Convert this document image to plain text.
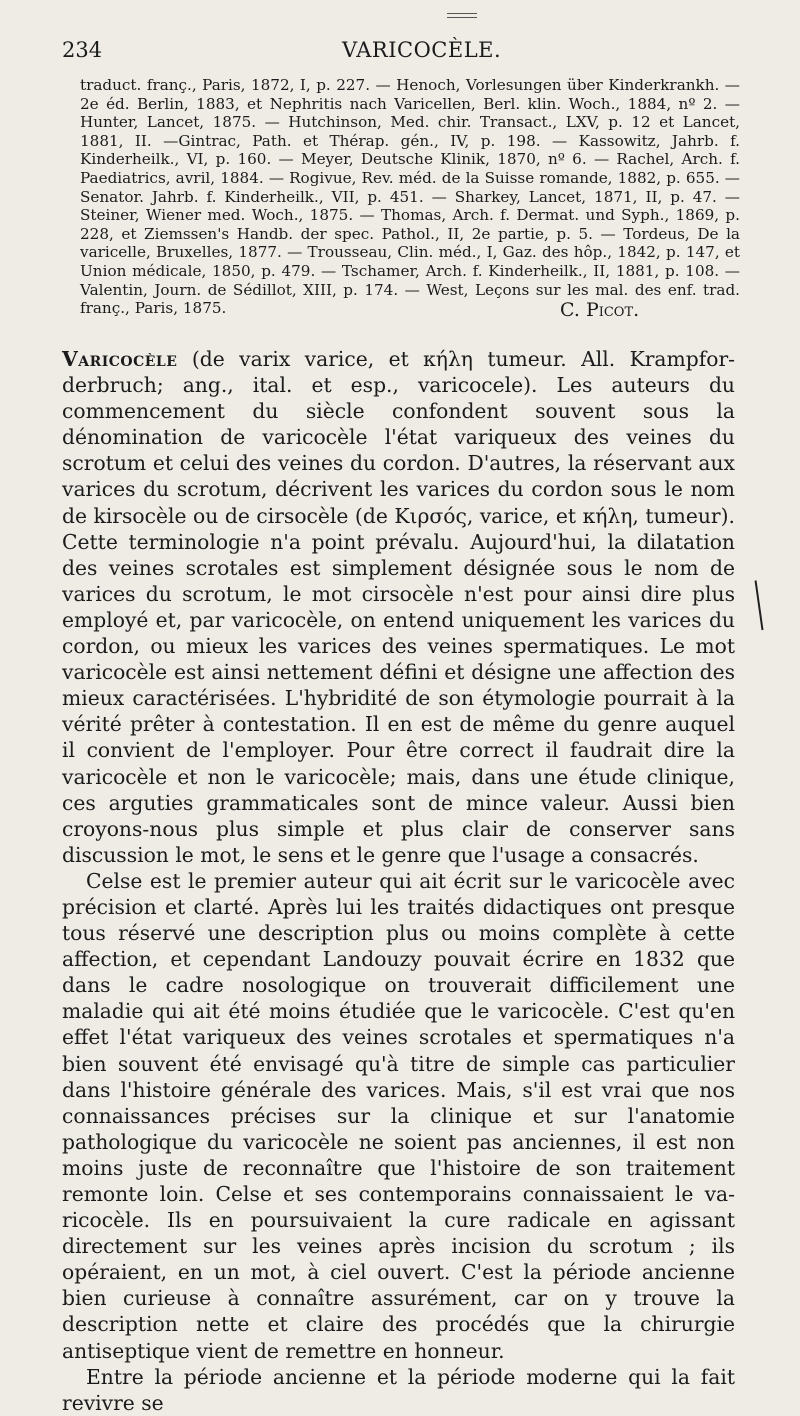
234	VARICOCÈLE.
traduct. franç., Paris, 1872, I, p. 227. — Henoch, Vorlesungen über Kinderkrankh. — 2e éd. Berlin, 1883, et Nephritis nach Varicellen, Berl. klin. Woch., 1884, nº 2. —Hunter, Lancet, 1875. — Hutchinson, Med. chir. Transact., LXV, p. 12 et Lancet, 1881, II. —Gintrac, Path. et Thérap. gén., IV, p. 198. — Kassowitz, Jahrb. f. Kinderheilk., VI, p. 160. — Meyer, Deutsche Klinik, 1870, nº 6. — Rachel, Arch. f. Paediatrics, avril, 1884. — Rogivue, Rev. méd. de la Suisse romande, 1882, p. 655. — Senator. Jahrb. f. Kinderheilk., VII, p. 451. — Sharkey, Lancet, 1871, II, p. 47. — Steiner, Wiener med. Woch., 1875. — Thomas, Arch. f. Dermat. und Syph., 1869, p. 228, et Ziemssen's Handb. der spec. Pathol., II, 2e partie, p. 5. — Tordeus, De la varicelle, Bruxelles, 1877. — Trousseau, Clin. méd., I, Gaz. des hôp., 1842, p. 147, et Union médicale, 1850, p. 479. — Tschamer, Arch. f. Kinderheilk., II, 1881, p. 108. — Valentin, Journ. de Sédillot, XIII, p. 174. — West, Leçons sur les mal. des enf. trad. franç., Paris, 1875.	C. Picot.

Varicocèle (de varix varice, et κήλη tumeur. All. Krampforderbruch; ang., ital. et esp., varicocele). Les auteurs du commencement du siècle confondent souvent sous la dénomination de varicocèle l'état variqueux des veines du scrotum et celui des veines du cordon. D'autres, la réservant aux varices du scrotum, décrivent les varices du cordon sous le nom de kirsocèle ou de cirsocèle (de Κιρσός, varice, et κήλη, tumeur). Cette terminologie n'a point prévalu. Aujourd'hui, la dilatation des veines scrotales est simplement désignée sous le nom de varices du scrotum, le mot cirsocèle n'est pour ainsi dire plus employé et, par varicocèle, on entend uniquement les varices du cordon, ou mieux les varices des veines spermatiques. Le mot varicocèle est ainsi nettement défini et désigne une affection des mieux caractérisées. L'hybridité de son étymologie pourrait à la vérité prêter à contestation. Il en est de même du genre auquel il convient de l'employer. Pour être correct il faudrait dire la varicocèle et non le varicocèle; mais, dans une étude clinique, ces arguties grammaticales sont de mince valeur. Aussi bien croyons-nous plus simple et plus clair de conserver sans discussion le mot, le sens et le genre que l'usage a consacrés.

Celse est le premier auteur qui ait écrit sur le varicocèle avec précision et clarté. Après lui les traités didactiques ont presque tous réservé une description plus ou moins complète à cette affection, et cependant Landouzy pouvait écrire en 1832 que dans le cadre nosologique on trouverait difficilement une maladie qui ait été moins étudiée que le varicocèle. C'est qu'en effet l'état variqueux des veines scrotales et spermatiques n'a bien souvent été envisagé qu'à titre de simple cas particulier dans l'histoire générale des varices. Mais, s'il est vrai que nos connaissances précises sur la clinique et sur l'anatomie pathologique du varicocèle ne soient pas anciennes, il est non moins juste de reconnaître que l'histoire de son traitement remonte loin. Celse et ses contemporains connaissaient le varicocèle. Ils en poursuivaient la cure radicale en agissant directement sur les veines après incision du scrotum ; ils opéraient, en un mot, à ciel ouvert. C'est la période ancienne bien curieuse à connaître assurément, car on y trouve la description nette et claire des procédés que la chirurgie antiseptique vient de remettre en honneur.

Entre la période ancienne et la période moderne qui la fait revivre se
